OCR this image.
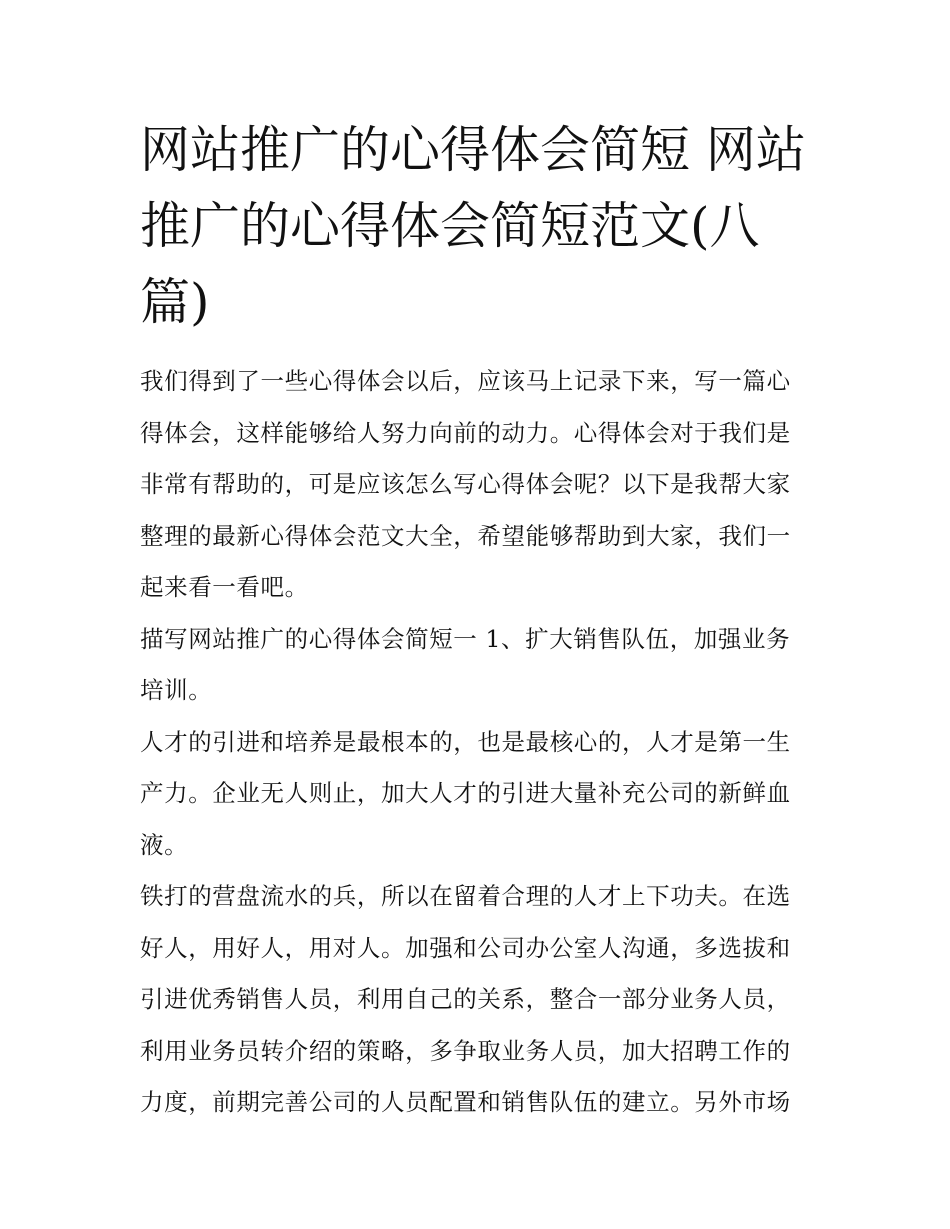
网站推广的心得体会简短 网站推广的心得体会简短范文(八篇)

我们得到了一些心得体会以后，应该马上记录下来，写一篇心得体会，这样能够给人努力向前的动力。心得体会对于我们是非常有帮助的，可是应该怎么写心得体会呢？以下是我帮大家整理的最新心得体会范文大全，希望能够帮助到大家，我们一起来看一看吧。

描写网站推广的心得体会简短一 1、扩大销售队伍，加强业务培训。

人才的引进和培养是最根本的，也是最核心的，人才是第一生产力。企业无人则止，加大人才的引进大量补充公司的新鲜血液。

铁打的营盘流水的兵，所以在留着合理的人才上下功夫。在选好人，用好人，用对人。加强和公司办公室人沟通，多选拔和引进优秀销售人员，利用自己的关系，整合一部分业务人员，利用业务员转介绍的策略，多争取业务人员，加大招聘工作的力度，前期完善公司的人员配置和销售队伍的建立。另外市场
